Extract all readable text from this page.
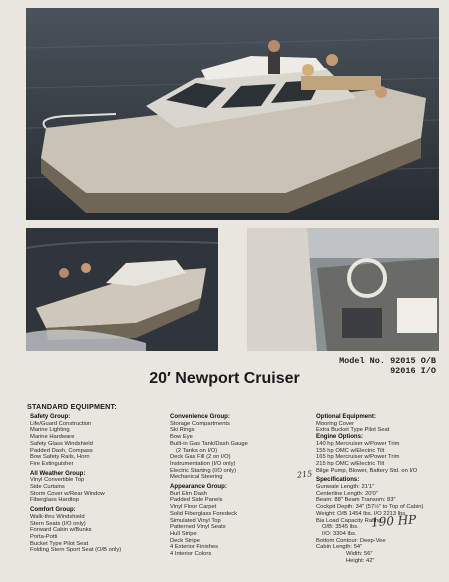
Model No. 92015 O/B
92016 I/O
20′ Newport Cruiser
STANDARD EQUIPMENT:
Safety Group:
Life/Guard Construction
Marine Lighting
Marine Hardware
Safety Glass Windshield
Padded Dash, Compass
Bow Safety Rails, Horn
Fire Extinguisher
All Weather Group:
Vinyl Convertible Top
Side Curtains
Storm Cover w/Rear Window
Fiberglass Hardtop
Comfort Group:
Walk-thru Windshield
Stern Seats (I/O only)
Forward Cabin w/Bunks
Porta-Potti
Bucket Type Pilot Seat
Folding Stern Sport Seat (O/B only)
Convenience Group:
Storage Compartments
Ski Rings
Bow Eye
Built-in Gas Tank/Dash Gauge
(2 Tanks on I/O)
Deck Gas Fill (2 on I/O)
Instrumentation (I/O only)
Electric Starting (I/O only)
Mechanical Steering
Appearance Group:
Burl Elm Dash
Padded Side Panels
Vinyl Floor Carpet
Solid Fiberglass Foredeck
Simulated Vinyl Top
Patterned Vinyl Seats
Hull Stripe
Deck Stripe
4 Exterior Finishes
4 Interior Colors
Optional Equipment:
Mooring Cover
Extra Bucket Type Pilot Seat
Engine Options:
140 hp Mercruiser w/Power Trim
155 hp OMC w/Electric Tilt
165 hp Mercruiser w/Power Trim
215 hp OMC w/Electric Tilt
Bilge Pump, Blower, Battery Std. on I/O
Specifications:
Gunwale Length: 21′1″
Centerline Length: 20′0″
Beam: 88″ Beam Transom: 83″
Cockpit Depth: 34″ (57½″ to Top of Cabin)
Weight: O/B 1454 lbs. I/O 2213 lbs.
Bia Load Capacity Rating:
O/B: 3545 lbs.
I/O: 3304 lbs.
Bottom Contour: Deep-Vee
Cabin Length: 54″
Width: 56″
Height: 42″
215
190 HP
